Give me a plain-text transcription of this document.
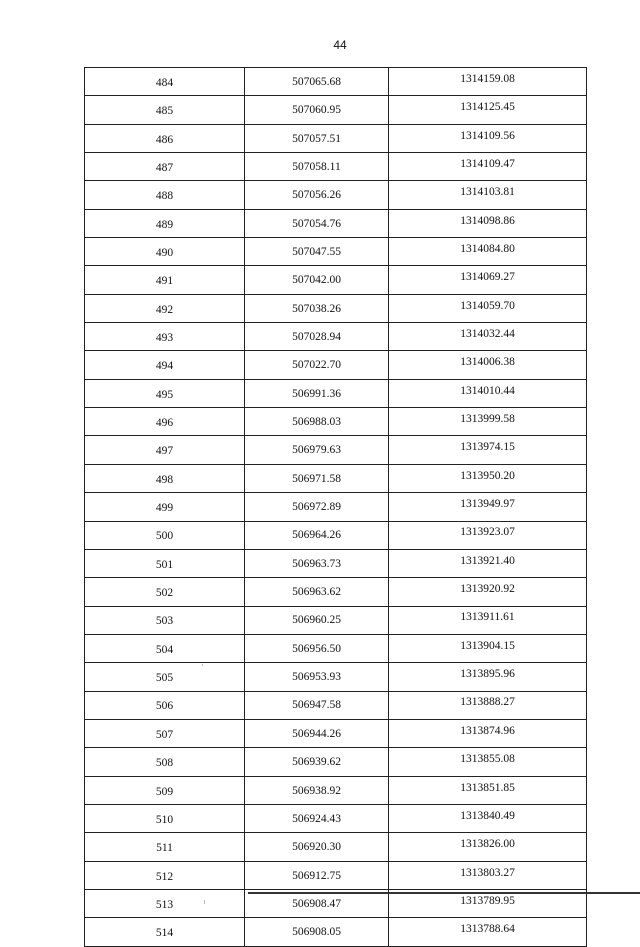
44
484	507065.68	1314159.08
485	507060.95	1314125.45
486	507057.51	1314109.56
487	507058.11	1314109.47
488	507056.26	1314103.81
489	507054.76	1314098.86
490	507047.55	1314084.80
491	507042.00	1314069.27
492	507038.26	1314059.70
493	507028.94	1314032.44
494	507022.70	1314006.38
495	506991.36	1314010.44
496	506988.03	1313999.58
497	506979.63	1313974.15
498	506971.58	1313950.20
499	506972.89	1313949.97
500	506964.26	1313923.07
501	506963.73	1313921.40
502	506963.62	1313920.92
503	506960.25	1313911.61
504	506956.50	1313904.15
505	506953.93	1313895.96
506	506947.58	1313888.27
507	506944.26	1313874.96
508	506939.62	1313855.08
509	506938.92	1313851.85
510	506924.43	1313840.49
511	506920.30	1313826.00
512	506912.75	1313803.27
513	506908.47	1313789.95
514	506908.05	1313788.64
